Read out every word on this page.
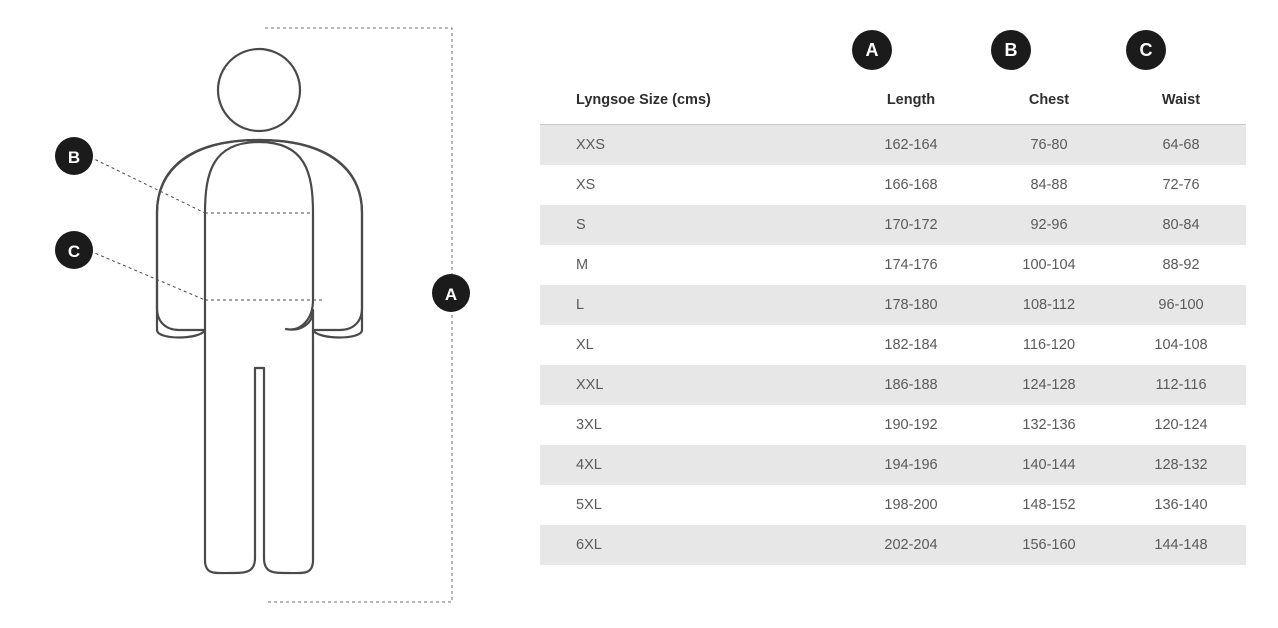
B
C
A
A	B	C
Lyngsoe Size (cms)	Length	Chest	Waist
XXS	162-164	76-80	64-68
XS	166-168	84-88	72-76
S	170-172	92-96	80-84
M	174-176	100-104	88-92
L	178-180	108-112	96-100
XL	182-184	116-120	104-108
XXL	186-188	124-128	112-116
3XL	190-192	132-136	120-124
4XL	194-196	140-144	128-132
5XL	198-200	148-152	136-140
6XL	202-204	156-160	144-148
